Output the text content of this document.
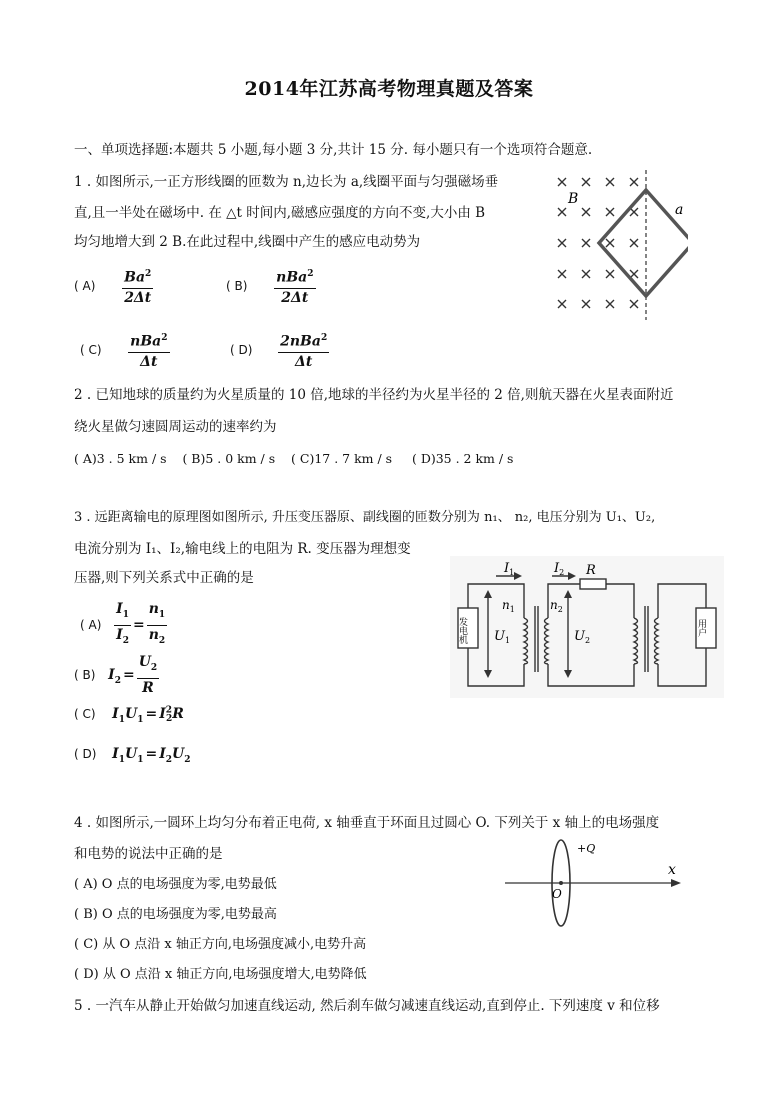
2014年江苏高考物理真题及答案
一、单项选择题:本题共 5 小题,每小题 3 分,共计 15 分. 每小题只有一个选项符合题意.
1 . 如图所示,一正方形线圈的匝数为 n,边长为 a,线圈平面与匀强磁场垂
直,且一半处在磁场中. 在 △t 时间内,磁感应强度的方向不变,大小由 B
均匀地增大到 2 B.在此过程中,线圈中产生的感应电动势为
( $A) \frac{Ba^2}{2\Delta t}$	( $B) \frac{nBa^2}{2\Delta t}$
( $C) \frac{nBa^2}{\Delta t}$	( $D) \frac{2nBa^2}{\Delta t}$
B
a
2 . 已知地球的质量约为火星质量的 10 倍,地球的半径约为火星半径的 2 倍,则航天器在火星表面附近
绕火星做匀速圆周运动的速率约为
( A)3 . 5 km / s    ( B)5 . 0 km / s    ( C)17 . 7 km / s     ( D)35 . 2 km / s
3 . 远距离输电的原理图如图所示, 升压变压器原、副线圈的匝数分别为 n₁、 n₂, 电压分别为 U₁、U₂,
电流分别为 I₁、I₂,输电线上的电阻为 R. 变压器为理想变
压器,则下列关系式中正确的是
( $A) \frac{I_1}{I_2} = \frac{n_1}{n_2}$
( B) $I_2 = \frac{U_2}{R}$
( C) $I_1U_1 = I^2_2R$
( D) $I_1U_1 = I_2U_2$
发电机	用户
$I_1$	$I_2$ R
$n_1$	$n_2$
$U_1$	$U_2$
4 . 如图所示,一圆环上均匀分布着正电荷, x 轴垂直于环面且过圆心 O. 下列关于 x 轴上的电场强度
和电势的说法中正确的是
( A) O 点的电场强度为零,电势最低
( B) O 点的电场强度为零,电势最高
( C) 从 O 点沿 x 轴正方向,电场强度减小,电势升高
( D) 从 O 点沿 x 轴正方向,电场强度增大,电势降低
+Q
x
O
5 . 一汽车从静止开始做匀加速直线运动, 然后刹车做匀减速直线运动,直到停止. 下列速度 v 和位移
